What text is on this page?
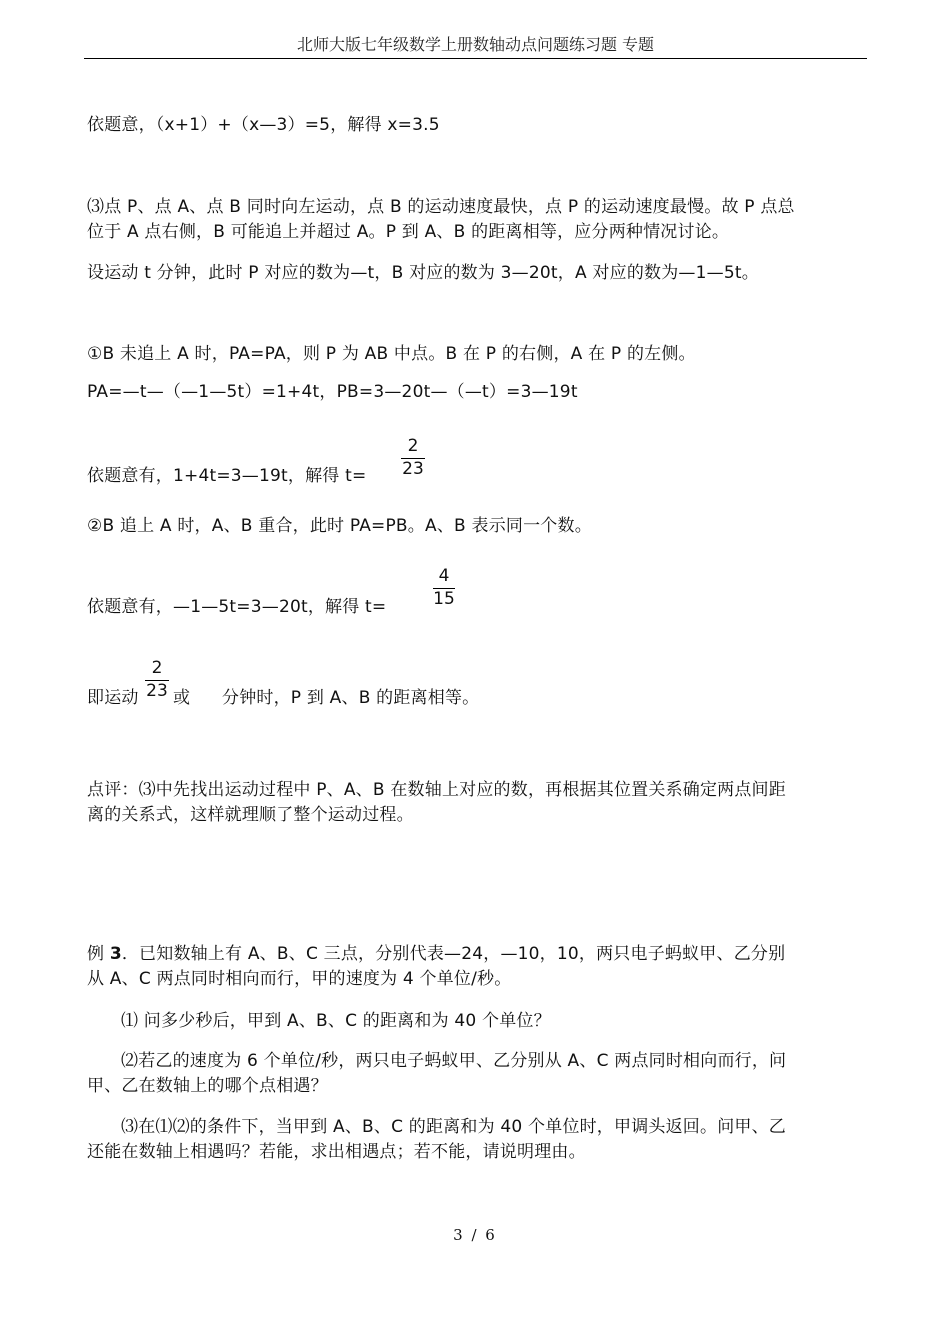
北师大版七年级数学上册数轴动点问题练习题 专题
依题意，（x+1）+（x—3）=5，解得 x=3.5
⑶点 P、点 A、点 B 同时向左运动，点 B 的运动速度最快，点 P 的运动速度最慢。故 P 点总
位于 A 点右侧，B 可能追上并超过 A。P 到 A、B 的距离相等，应分两种情况讨论。
设运动 t 分钟，此时 P 对应的数为—t，B 对应的数为 3—20t，A 对应的数为—1—5t。
①B 未追上 A 时，PA=PA，则 P 为 AB 中点。B 在 P 的右侧，A 在 P 的左侧。
PA=—t—（—1—5t）=1+4t，PB=3—20t—（—t）=3—19t
依题意有，1+4t=3—19t，解得 t=
2
23
②B 追上 A 时，A、B 重合，此时 PA=PB。A、B 表示同一个数。
依题意有，—1—5t=3—20t，解得 t=
4
15
即运动
2
23 或 分钟时，P 到 A、B 的距离相等。
点评：⑶中先找出运动过程中 P、A、B 在数轴上对应的数，再根据其位置关系确定两点间距
离的关系式，这样就理顺了整个运动过程。
例 3．已知数轴上有 A、B、C 三点，分别代表—24，—10，10，两只电子蚂蚁甲、乙分别
从 A、C 两点同时相向而行，甲的速度为 4 个单位/秒。
⑴ 问多少秒后，甲到 A、B、C 的距离和为 40 个单位？
⑵若乙的速度为 6 个单位/秒，两只电子蚂蚁甲、乙分别从 A、C 两点同时相向而行，问
甲、乙在数轴上的哪个点相遇？
⑶在⑴⑵的条件下，当甲到 A、B、C 的距离和为 40 个单位时，甲调头返回。问甲、乙
还能在数轴上相遇吗？若能，求出相遇点；若不能，请说明理由。
3 / 6
